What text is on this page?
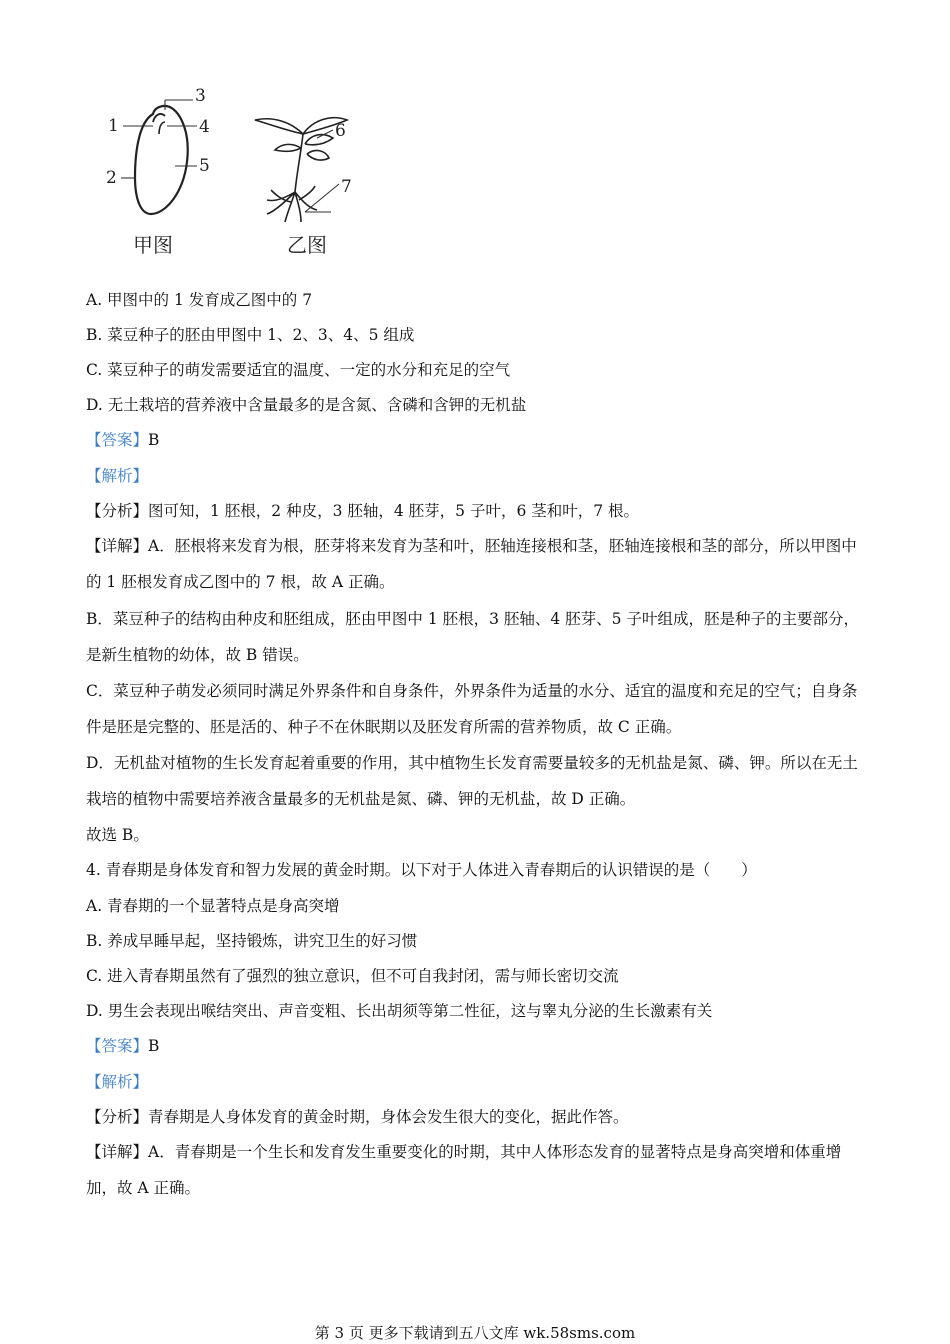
1
2
3
4
5
6
7
甲图	乙图
A. 甲图中的 1 发育成乙图中的 7
B. 菜豆种子的胚由甲图中 1、2、3、4、5 组成
C. 菜豆种子的萌发需要适宜的温度、一定的水分和充足的空气
D. 无土栽培的营养液中含量最多的是含氮、含磷和含钾的无机盐
【答案】B
【解析】
【分析】图可知，1 胚根，2 种皮，3 胚轴，4 胚芽，5 子叶，6 茎和叶，7 根。
【详解】A．胚根将来发育为根，胚芽将来发育为茎和叶，胚轴连接根和茎，胚轴连接根和茎的部分，所以甲图中的 1 胚根发育成乙图中的 7 根，故 A 正确。
B．菜豆种子的结构由种皮和胚组成，胚由甲图中 1 胚根，3 胚轴、4 胚芽、5 子叶组成，胚是种子的主要部分，是新生植物的幼体，故 B 错误。
C．菜豆种子萌发必须同时满足外界条件和自身条件，外界条件为适量的水分、适宜的温度和充足的空气；自身条件是胚是完整的、胚是活的、种子不在休眠期以及胚发育所需的营养物质，故 C 正确。
D．无机盐对植物的生长发育起着重要的作用，其中植物生长发育需要量较多的无机盐是氮、磷、钾。所以在无土栽培的植物中需要培养液含量最多的无机盐是氮、磷、钾的无机盐，故 D 正确。
故选 B。
4. 青春期是身体发育和智力发展的黄金时期。以下对于人体进入青春期后的认识错误的是（　　）
A. 青春期的一个显著特点是身高突增
B. 养成早睡早起，坚持锻炼，讲究卫生的好习惯
C. 进入青春期虽然有了强烈的独立意识，但不可自我封闭，需与师长密切交流
D. 男生会表现出喉结突出、声音变粗、长出胡须等第二性征，这与睾丸分泌的生长激素有关
【答案】B
【解析】
【分析】青春期是人身体发育的黄金时期，身体会发生很大的变化，据此作答。
【详解】A．青春期是一个生长和发育发生重要变化的时期，其中人体形态发育的显著特点是身高突增和体重增加，故 A 正确。
第 3 页 更多下载请到五八文库 wk.58sms.com
